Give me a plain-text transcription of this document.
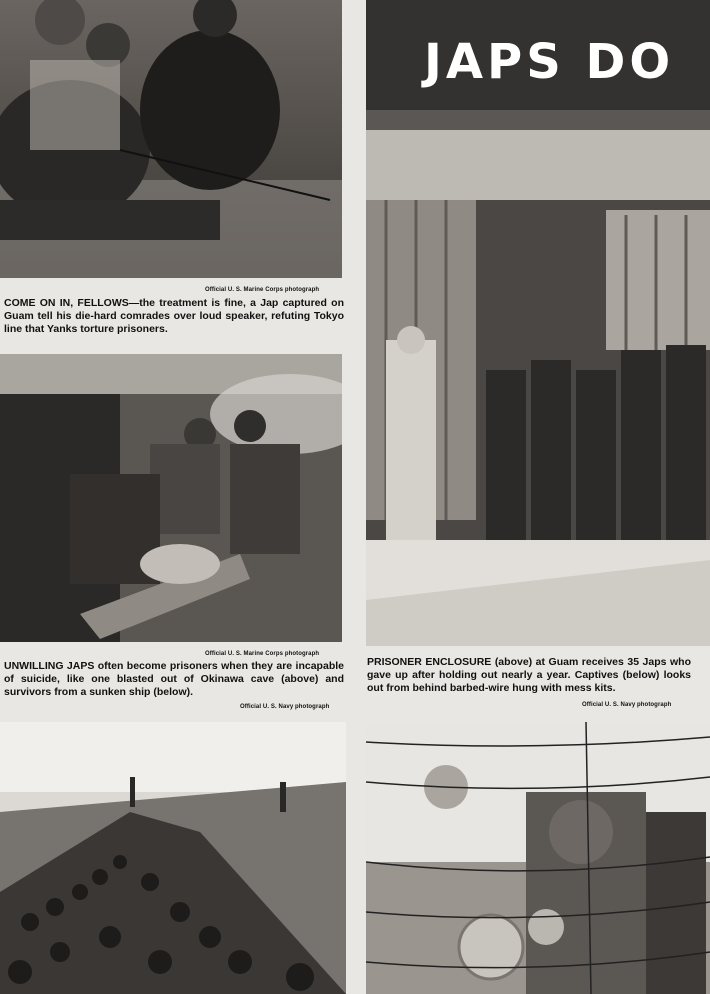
Official U. S. Marine Corps photograph
COME ON IN, FELLOWS—the treatment is fine, a Jap captured on Guam tell his die-hard comrades over loud speaker, refuting Tokyo line that Yanks torture prisoners.
Official U. S. Marine Corps photograph
UNWILLING JAPS often become prisoners when they are incapable of suicide, like one blasted out of Okinawa cave (above) and survivors from a sunken ship (below).
Official U. S. Navy photograph
JAPS DO
PRISONER ENCLOSURE (above) at Guam receives 35 Japs who gave up after holding out nearly a year. Captives (below) looks out from behind barbed-wire hung with mess kits.
Official U. S. Navy photograph
